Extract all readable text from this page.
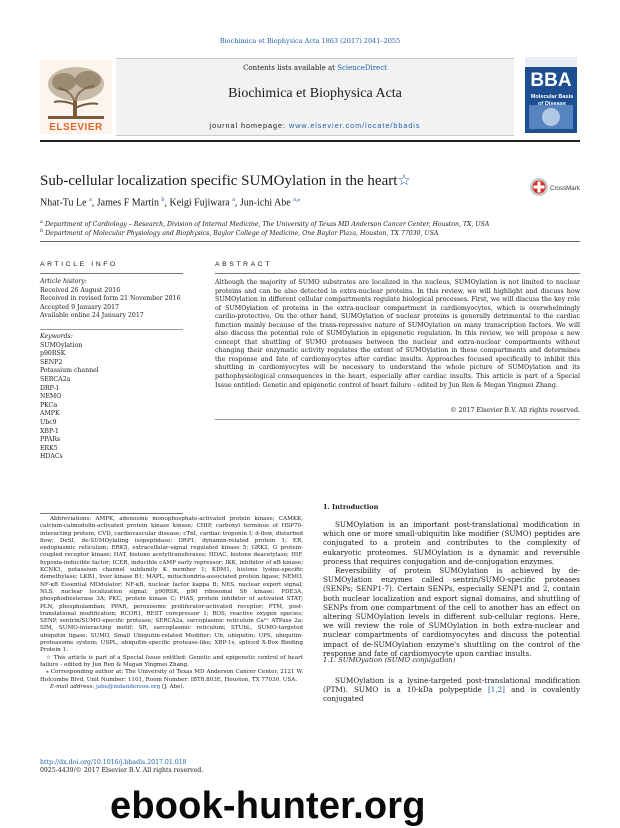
Biochimica et Biophysica Acta 1863 (2017) 2041–2055
Contents lists available at ScienceDirect
Biochimica et Biophysica Acta
journal homepage: www.elsevier.com/locate/bbadis
ELSEVIER
BBA
Molecular Basis of Disease
Sub-cellular localization specific SUMOylation in the heart☆	CrossMark
Nhat-Tu Le $^a$, James F Martin $^b$, Keigi Fujiwara $^a$, Jun-ichi Abe $^{a,⁎}$
$^a$ Department of Cardiology – Research, Division of Internal Medicine, The University of Texas MD Anderson Cancer Center, Houston, TX, USA
$^b$ Department of Molecular Physiology and Biophysics, Baylor College of Medicine, One Baylor Plaza, Houston, TX 77030, USA
ARTICLE INFO
Article history:
Received 26 August 2016
Received in revised form 21 November 2016
Accepted 9 January 2017
Available online 24 January 2017
Keywords:
SUMOylation
p90RSK
SENP2
Potassium channel
SERCA2a
DRP-1
NEMO
PKCα
AMPK
Ubc9
XBP-1
PPARs
ERK5
HDACs
ABSTRACT
Although the majority of SUMO substrates are localized in the nucleus, SUMOylation is not limited to nuclear proteins and can be also detected in extra-nuclear proteins. In this review, we will highlight and discuss how SUMOylation in different cellular compartments regulate biological processes. First, we will discuss the key role of SUMOylation of proteins in the extra-nuclear compartment in cardiomyocytes, which is overwhelmingly cardio-protective. On the other hand, SUMOylation of nuclear proteins is generally detrimental to the cardiac function mainly because of the trans-repressive nature of SUMOylation on many transcription factors. We will also discuss the potential role of SUMOylation in epigenetic regulation. In this review, we will propose a new concept that shuttling of SUMO proteases between the nuclear and extra-nuclear compartments without changing their enzymatic activity regulates the extent of SUMOylation in these compartments and determines the response and fate of cardiomyocytes after cardiac insults. Approaches focused specifically to inhibit this shuttling in cardiomyocytes will be necessary to understand the whole picture of SUMOylation and its pathophysiological consequences in the heart, especially after cardiac insults. This article is part of a Special Issue entitled: Genetic and epigenetic control of heart failure - edited by Jun Ren & Megan Yingmei Zhang.
© 2017 Elsevier B.V. All rights reserved.
1. Introduction

SUMOylation is an important post-translational modification in which one or more small-ubiquitin like modifier (SUMO) peptides are conjugated to a protein and contributes to the complexity of eukaryotic proteomes. SUMOylation is a dynamic and reversible process that requires conjugation and de-conjugation enzymes.

Reversibility of protein SUMOylation is achieved by de-SUMOylation enzymes called sentrin/SUMO-specific proteases (SENPs; SENP1-7). Certain SENPs, especially SENP1 and 2, contain both nuclear localization and export signal domains, and shuttling of SENPs from one compartment of the cell to another has an effect on altering SUMOylation levels in different sub-cellular regions. Here, we will review the role of SUMOylation in both extra-nuclear and nuclear compartments of cardiomyocytes and discuss the potential impact of de-SUMOylation enzyme's shuttling on the control of the response and fate of cardiomyocyte upon cardiac insults.

1.1. SUMOyation (SUMO conjugation)
SUMOylation is a lysine-targeted post-translational modification (PTM). SUMO is a 10-kDa polypeptide [1,2] and is covalently conjugated

Abbreviations: AMPK, adenosine monophosphate-activated protein kinase; CAMKK, calcium-calmodulin-activated protein kinase kinase; CHIP, carboxyl terminus of HSP70-interacting protein; CVD, cardiovascular disease; cTnI, cardiac troponin I; d-flow, disturbed flow; DeSI, de-SUMOylating isopeptidase; DRP1, dynamin-related protein 1; ER, endoplasmic reticulum; ERK5, extracellular-signal regulated kinase 5; GRK2, G protein-coupled receptor kinase; HAT, histone acetyltransferases; HDAC, histone deacetylase; HIF, hypoxia-inducible factor; ICER, inducible cAMP early repressor; IKK, inhibitor of κB kinase; KCNK1, potassium channel subfamily K member 1; KDM1, histone lysine-specific demethylase; LKB1, liver kinase B1; MAPL, mitochondria-associated protein ligase; NEMO, NF-κB Essential MOdulator; NF-κB, nuclear factor kappa B; NES, nuclear export signal; NLS, nuclear localization signal; p90RSK, p90 ribosomal S6 kinase; PDE3A, phosphodiesterase 3A; PKC, protein kinase C; PIAS, protein inhibitor of activated STAT; PLN, phospholamban; PPAR, peroxisome proliferator-activated receptor; PTM, post-translational modification; RCOR1, REST corepressor 1; ROS, reactive oxygen species; SENP, sentrin/SUMO-specific protease; SERCA2a, sarcoplasmic reticulum Ca²⁺ ATPase 2a; SIM, SUMO-interacting motif; SR, sarcoplasmic reticulum; STUbL, SUMO-targeted ubiquitin ligase; SUMO, Small Ubiquitin-related Modifier; Ub, ubiquitin; UPS, ubiquitin-proteasome system; USPL, ubiquitin-specific protease-like; XBP-1s, spliced X-Box Binding Protein 1.

☆ This article is part of a Special Issue entitled: Genetic and epigenetic control of heart failure - edited by Jun Ren & Megan Yingmei Zhang.

⁎ Corresponding author at: The University of Texas MD Anderson Cancer Center, 2121 W. Holcombe Blvd, Unit Number: 1101, Room Number: IBT8.803E, Houston, TX 77030, USA.

E-mail address: jabe@mdanderson.org (J. Abe).

http://dx.doi.org/10.1016/j.bbadis.2017.01.018
0925-4439/© 2017 Elsevier B.V. All rights reserved.
ebook-hunter.org
